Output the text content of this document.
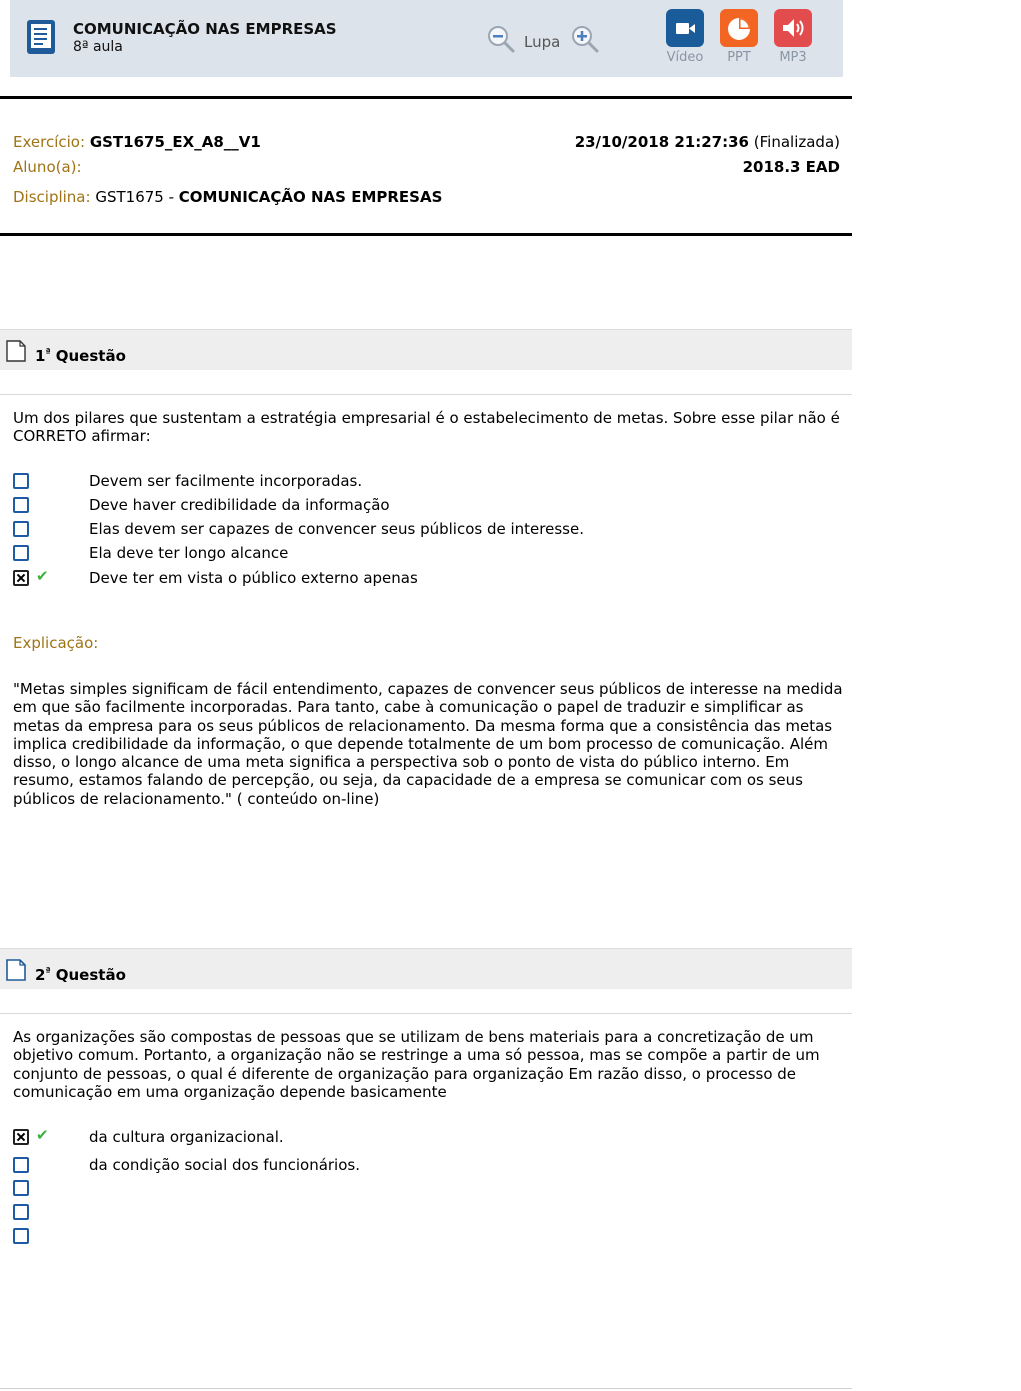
COMUNICAÇÃO NAS EMPRESAS
8ª aula	Lupa
Vídeo	PPT	MP3
Exercício: GST1675_EX_A8__V1	23/10/2018 21:27:36 (Finalizada)
Aluno(a):	2018.3 EAD
Disciplina: GST1675 - COMUNICAÇÃO NAS EMPRESAS
$1^ª$ Questão

Um dos pilares que sustentam a estratégia empresarial é o estabelecimento de metas. Sobre esse pilar não é CORRETO afirmar:

Devem ser facilmente incorporadas.
Deve haver credibilidade da informação
Elas devem ser capazes de convencer seus públicos de interesse.
Ela deve ter longo alcance
✔	Deve ter em vista o público externo apenas
Explicação:

"Metas simples significam de fácil entendimento, capazes de convencer seus públicos de interesse na medida em que são facilmente incorporadas. Para tanto, cabe à comunicação o papel de traduzir e simplificar as metas da empresa para os seus públicos de relacionamento. Da mesma forma que a consistência das metas implica credibilidade da informação, o que depende totalmente de um bom processo de comunicação. Além disso, o longo alcance de uma meta significa a perspectiva sob o ponto de vista do público interno. Em resumo, estamos falando de percepção, ou seja, da capacidade de a empresa se comunicar com os seus públicos de relacionamento." ( conteúdo on-line)

$2^ª$ Questão

As organizações são compostas de pessoas que se utilizam de bens materiais para a concretização de um objetivo comum. Portanto, a organização não se restringe a uma só pessoa, mas se compõe a partir de um conjunto de pessoas, o qual é diferente de organização para organização Em razão disso, o processo de comunicação em uma organização depende basicamente

✔	da cultura organizacional.
da condição social dos funcionários.
